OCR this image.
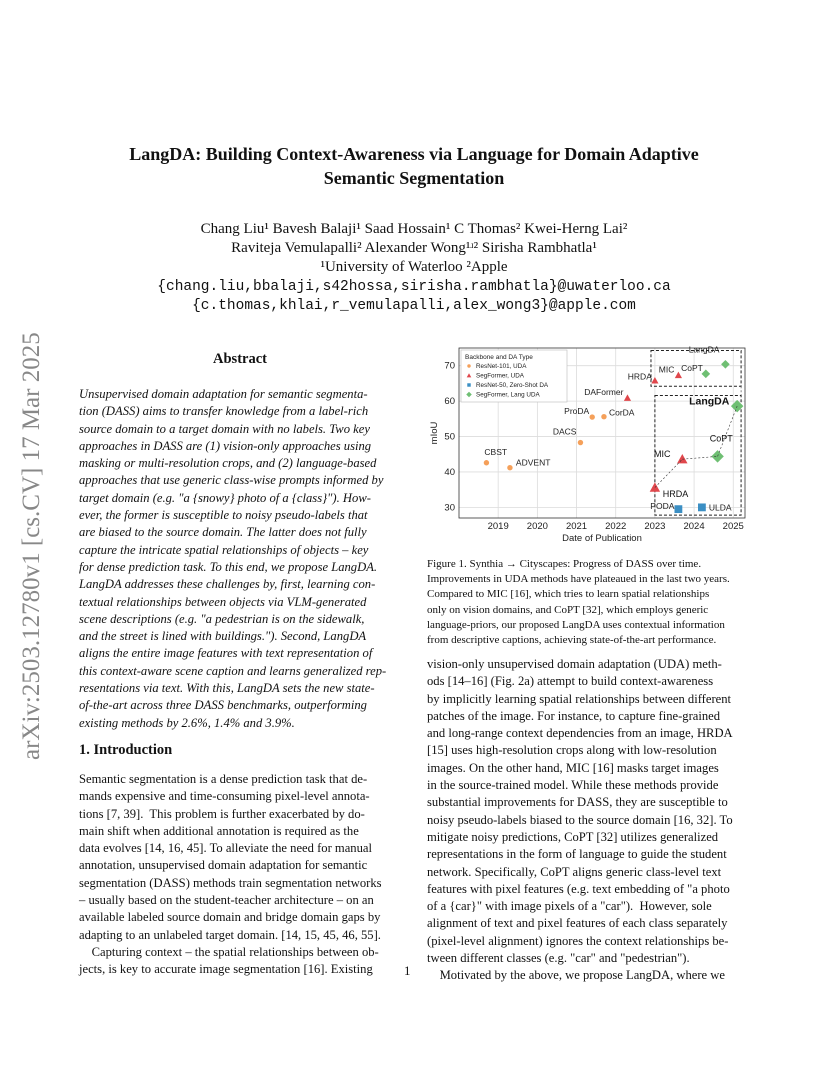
arXiv:2503.12780v1 [cs.CV] 17 Mar 2025
LangDA: Building Context-Awareness via Language for Domain Adaptive
Semantic Segmentation
Chang Liu¹ Bavesh Balaji¹ Saad Hossain¹ C Thomas² Kwei-Herng Lai²
Raviteja Vemulapalli² Alexander Wong¹ʴ² Sirisha Rambhatla¹
¹University of Waterloo ²Apple
{chang.liu,bbalaji,s42hossa,sirisha.rambhatla}@uwaterloo.ca
{c.thomas,khlai,r_vemulapalli,alex_wong3}@apple.com
Abstract
Unsupervised domain adaptation for semantic segmenta-
tion (DASS) aims to transfer knowledge from a label-rich
source domain to a target domain with no labels. Two key
approaches in DASS are (1) vision-only approaches using
masking or multi-resolution crops, and (2) language-based
approaches that use generic class-wise prompts informed by
target domain (e.g. "a {snowy} photo of a {class}"). How-
ever, the former is susceptible to noisy pseudo-labels that
are biased to the source domain. The latter does not fully
capture the intricate spatial relationships of objects – key
for dense prediction task. To this end, we propose LangDA.
LangDA addresses these challenges by, first, learning con-
textual relationships between objects via VLM-generated
scene descriptions (e.g. "a pedestrian is on the sidewalk,
and the street is lined with buildings."). Second, LangDA
aligns the entire image features with text representation of
this context-aware scene caption and learns generalized rep-
resentations via text. With this, LangDA sets the new state-
of-the-art across three DASS benchmarks, outperforming
existing methods by 2.6%, 1.4% and 3.9%.
1. Introduction
Semantic segmentation is a dense prediction task that de-
mands expensive and time-consuming pixel-level annota-
tions [7, 39].  This problem is further exacerbated by do-
main shift when additional annotation is required as the
data evolves [14, 16, 45]. To alleviate the need for manual
annotation, unsupervised domain adaptation for semantic
segmentation (DASS) methods train segmentation networks
– usually based on the student-teacher architecture – on an
available labeled source domain and bridge domain gaps by
adapting to an unlabeled target domain. [14, 15, 45, 46, 55].
Capturing context – the spatial relationships between ob-
jects, is key to accurate image segmentation [16]. Existing
2019 2020 2021 2022 2023 2024 2025
30
40
50
60
70
Date of Publication
mIoU
CBST
ADVENT
DACS
ProDA CorDA
DAFormer
HRDA
MIC
PODA	ULDA
CoPT
LangDA
LangDA
CoPT
MIC
HRDA
Backbone and DA Type
ResNet-101, UDA
SegFormer, UDA
ResNet-50, Zero-Shot DA
SegFormer, Lang UDA
Figure 1. Synthia → Cityscapes: Progress of DASS over time.
Improvements in UDA methods have plateaued in the last two years.
Compared to MIC [16], which tries to learn spatial relationships
only on vision domains, and CoPT [32], which employs generic
language-priors, our proposed LangDA uses contextual information
from descriptive captions, achieving state-of-the-art performance.
vision-only unsupervised domain adaptation (UDA) meth-
ods [14–16] (Fig. 2a) attempt to build context-awareness
by implicitly learning spatial relationships between different
patches of the image. For instance, to capture fine-grained
and long-range context dependencies from an image, HRDA
[15] uses high-resolution crops along with low-resolution
images. On the other hand, MIC [16] masks target images
in the source-trained model. While these methods provide
substantial improvements for DASS, they are susceptible to
noisy pseudo-labels biased to the source domain [16, 32]. To
mitigate noisy predictions, CoPT [32] utilizes generalized
representations in the form of language to guide the student
network. Specifically, CoPT aligns generic class-level text
features with pixel features (e.g. text embedding of "a photo
of a {car}" with image pixels of a "car").  However, sole
alignment of text and pixel features of each class separately
(pixel-level alignment) ignores the context relationships be-
tween different classes (e.g. "car" and "pedestrian").
Motivated by the above, we propose LangDA, where we
1
